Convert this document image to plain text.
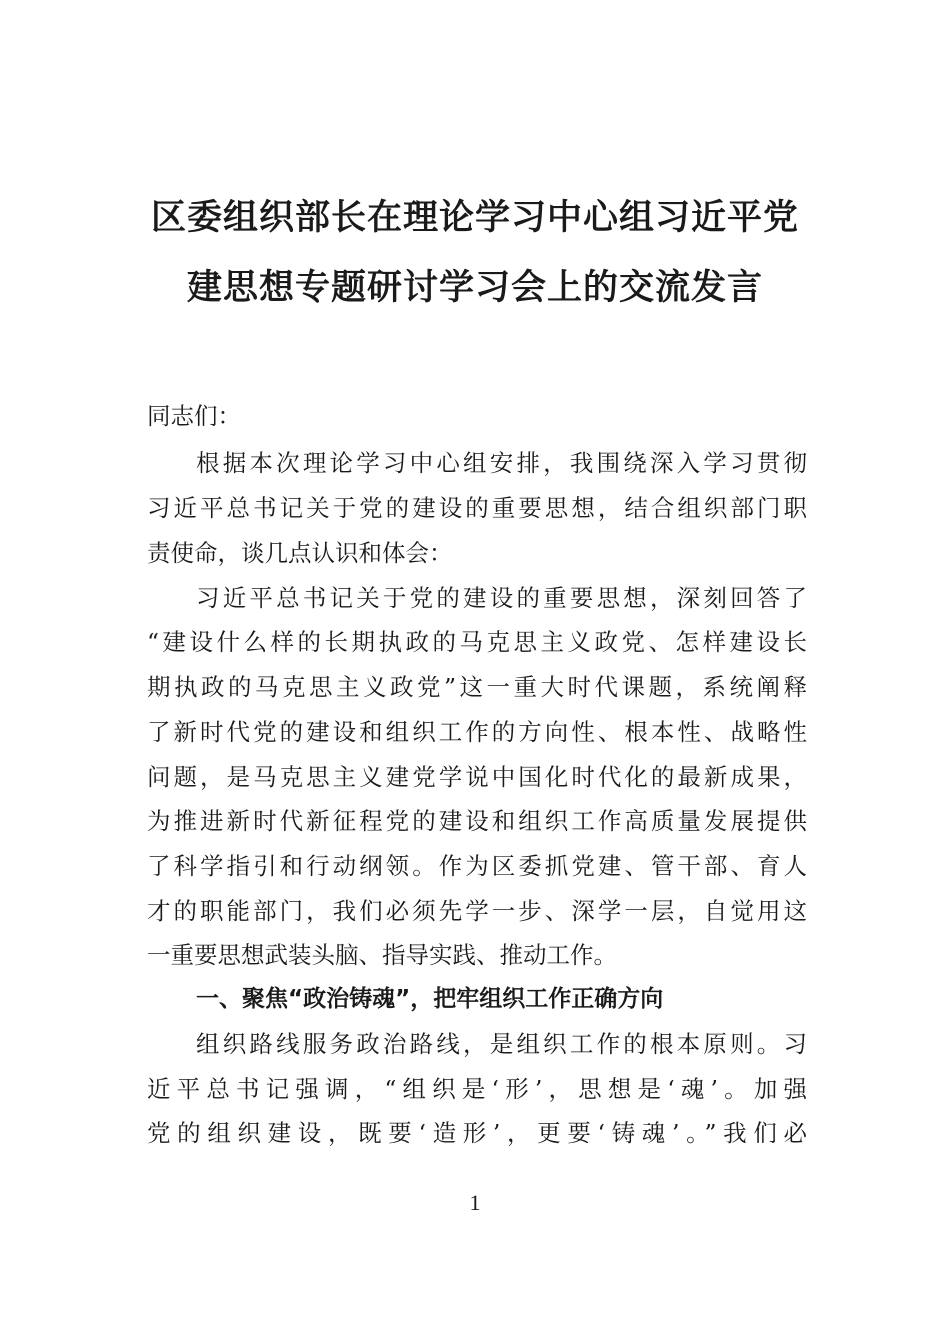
区委组织部长在理论学习中心组习近平党
建思想专题研讨学习会上的交流发言
同志们：
根据本次理论学习中心组安排，我围绕深入学习贯彻
习近平总书记关于党的建设的重要思想，结合组织部门职
责使命，谈几点认识和体会：
习近平总书记关于党的建设的重要思想，深刻回答了
“建设什么样的长期执政的马克思主义政党、怎样建设长
期执政的马克思主义政党”这一重大时代课题，系统阐释
了新时代党的建设和组织工作的方向性、根本性、战略性
问题，是马克思主义建党学说中国化时代化的最新成果，
为推进新时代新征程党的建设和组织工作高质量发展提供
了科学指引和行动纲领。作为区委抓党建、管干部、育人
才的职能部门，我们必须先学一步、深学一层，自觉用这
一重要思想武装头脑、指导实践、推动工作。
一、聚焦“政治铸魂”，把牢组织工作正确方向
组织路线服务政治路线，是组织工作的根本原则。习
近平总书记强调，“组织是‘形’，思想是‘魂’。加强
党的组织建设，既要‘造形’，更要‘铸魂’。”我们必
1
